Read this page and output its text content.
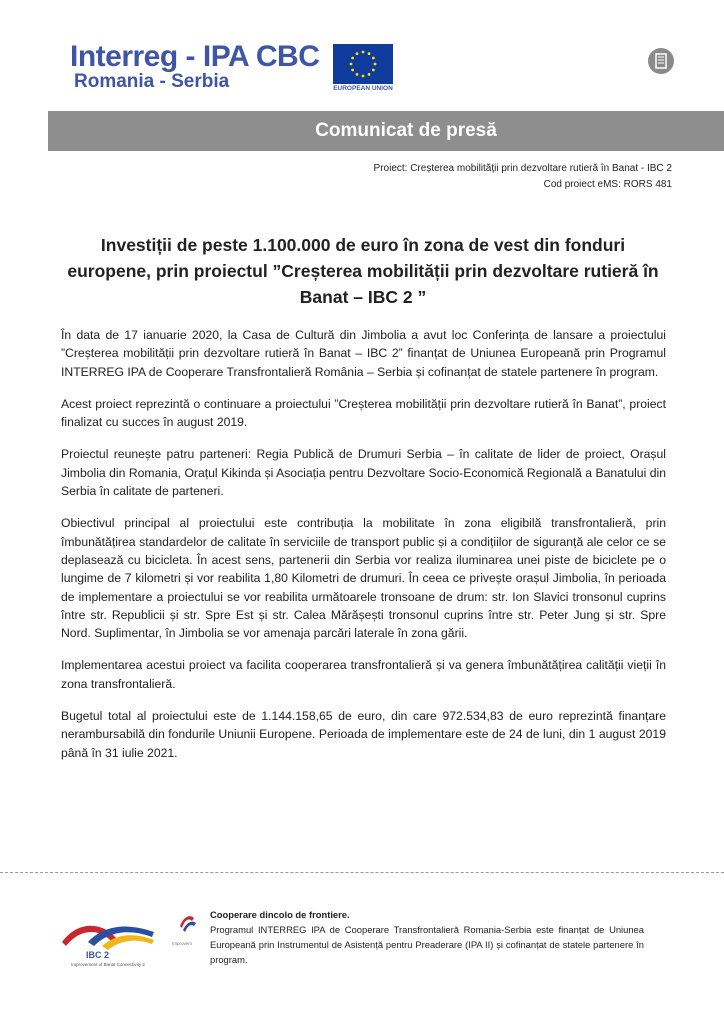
Interreg - IPA CBC
Romania - Serbia	EUROPEAN UNION
Comunicat de presă
Proiect: Creșterea mobilității prin dezvoltare rutieră în Banat - IBC 2
Cod proiect eMS: RORS 481
Investiții de peste 1.100.000 de euro în zona de vest din fonduri europene, prin proiectul ”Creșterea mobilității prin dezvoltare rutieră în Banat – IBC 2 ”

În data de 17 ianuarie 2020, la Casa de Cultură din Jimbolia a avut loc Conferința de lansare a proiectului ”Creșterea mobilității prin dezvoltare rutieră în Banat – IBC 2” finanțat de Uniunea Europeană prin Programul INTERREG IPA de Cooperare Transfrontalieră România – Serbia și cofinanțat de statele partenere în program.

Acest proiect reprezintă o continuare a proiectului ”Creșterea mobilității prin dezvoltare rutieră în Banat”, proiect finalizat cu succes în august 2019.

Proiectul reunește patru parteneri: Regia Publică de Drumuri Serbia – în calitate de lider de proiect, Orașul Jimbolia din Romania, Orațul Kikinda și Asociația pentru Dezvoltare Socio-Economică Regională a Banatului din Serbia în calitate de parteneri.

Obiectivul principal al proiectului este contribuția la mobilitate în zona eligibilă transfrontalieră, prin îmbunătățirea standardelor de calitate în serviciile de transport public și a condițiilor de siguranță ale celor ce se deplasează cu bicicleta. În acest sens, partenerii din Serbia vor realiza iluminarea unei piste de biciclete pe o lungime de 7 kilometri și vor reabilita 1,80 Kilometri de drumuri. În ceea ce privește orașul Jimbolia, în perioada de implementare a proiectului se vor reabilita următoarele tronsoane de drum: str. Ion Slavici tronsonul cuprins între str. Republicii și str. Spre Est și str. Calea Mărășești tronsonul cuprins între str. Peter Jung și str. Spre Nord. Suplimentar, în Jimbolia se vor amenaja parcări laterale în zona gării.

Implementarea acestui proiect va facilita cooperarea transfrontalieră și va genera îmbunătățirea calității vieții în zona transfrontalieră.

Bugetul total al proiectului este de 1.144.158,65 de euro, din care 972.534,83 de euro reprezintă finanțare nerambursabilă din fondurile Uniunii Europene. Perioada de implementare este de 24 de luni, din 1 august 2019 până în 31 iulie 2021.

IBC 2
Improvement of Banat Connectivity 2
Improvem
Cooperare dincolo de frontiere.
Programul INTERREG IPA de Cooperare Transfrontalieră Romania-Serbia este finanțat de Uniunea Europeană prin Instrumentul de Asistență pentru Preaderare (IPA II) și cofinanțat de statele partenere în program.
